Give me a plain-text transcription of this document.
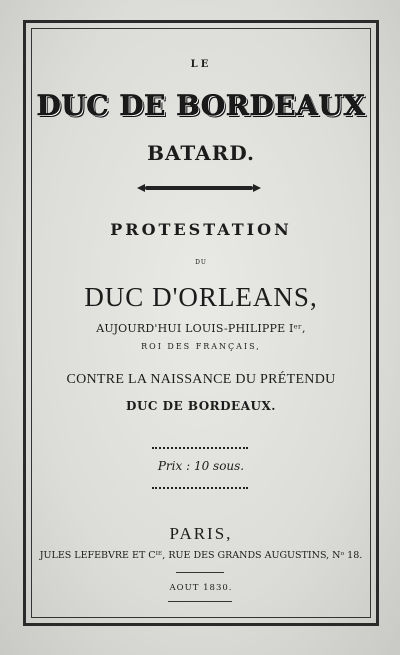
LE
DUC DE BORDEAUX
BATARD.
PROTESTATION
DU
DUC D'ORLEANS,
AUJOURD'HUI LOUIS-PHILIPPE Iᵉʳ,
ROI DES FRANÇAIS,
CONTRE LA NAISSANCE DU PRÉTENDU
DUC DE BORDEAUX.
Prix : 10 sous.
PARIS,
JULES LEFEBVRE ET Cᴵᴱ, RUE DES GRANDS AUGUSTINS, Nᵒ 18.
AOUT 1830.
